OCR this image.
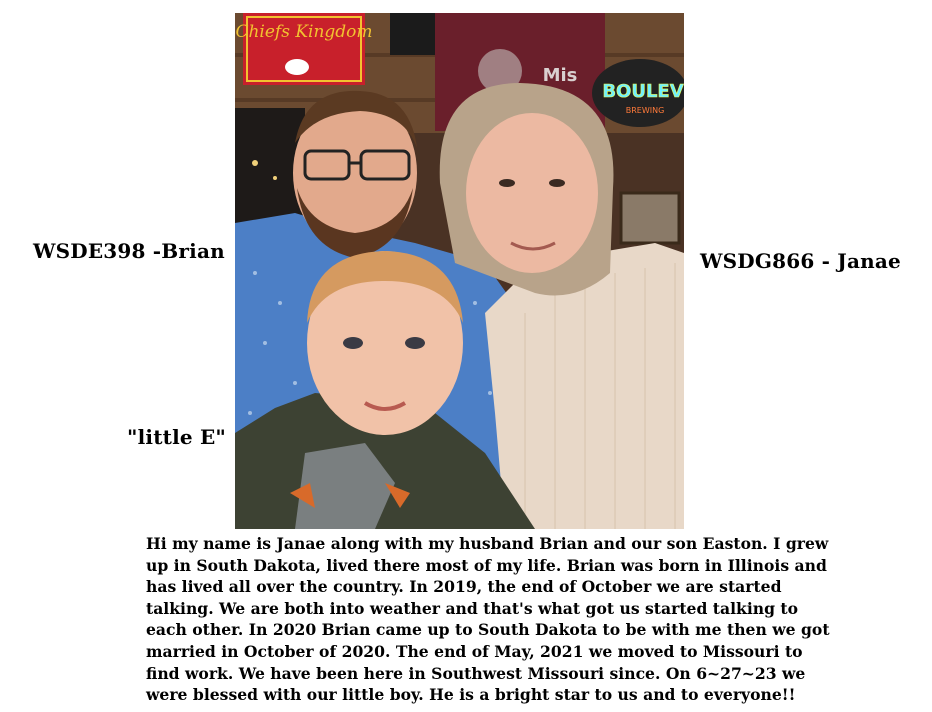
Chiefs Kingdom
Mis
BOULEV
BREWING
WSDE398 -Brian	WSDG866 - Janae
"little E"
Hi my name is Janae along with my husband Brian and our son Easton. I grew
up in South Dakota, lived there most of my life. Brian was born in Illinois and
has lived all over the country. In 2019, the end of October we are started
talking. We are both into weather and that's what got us started talking to
each other. In 2020 Brian came up to South Dakota to be with me then we got
married in October of 2020. The end of May, 2021 we moved to Missouri to
find work. We have been here in Southwest Missouri since. On 6~27~23 we
were blessed with our little boy. He is a bright star to us and to everyone!!
